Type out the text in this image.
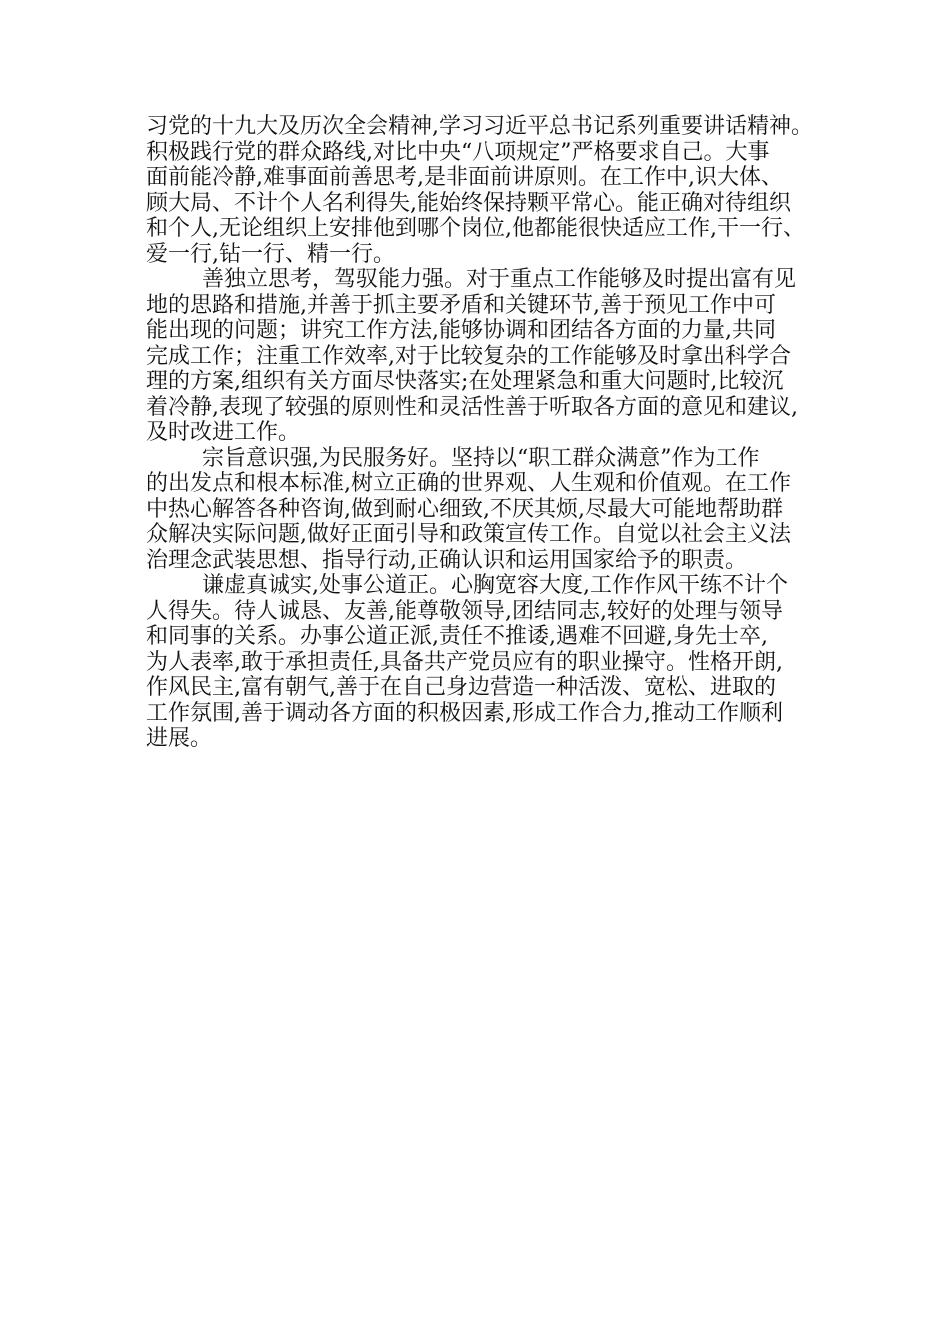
习党的十九大及历次全会精神,学习习近平总书记系列重要讲话精神。
积极践行党的群众路线,对比中央“八项规定”严格要求自己。大事
面前能冷静,难事面前善思考,是非面前讲原则。在工作中,识大体、
顾大局、不计个人名利得失,能始终保持颗平常心。能正确对待组织
和个人,无论组织上安排他到哪个岗位,他都能很快适应工作,干一行、
爱一行,钻一行、精一行。
善独立思考，驾驭能力强。对于重点工作能够及时提出富有见
地的思路和措施,并善于抓主要矛盾和关键环节,善于预见工作中可
能出现的问题；讲究工作方法,能够协调和团结各方面的力量,共同
完成工作；注重工作效率,对于比较复杂的工作能够及时拿出科学合
理的方案,组织有关方面尽快落实;在处理紧急和重大问题时,比较沉
着冷静,表现了较强的原则性和灵活性善于听取各方面的意见和建议,
及时改进工作。
宗旨意识强,为民服务好。坚持以“职工群众满意”作为工作
的出发点和根本标准,树立正确的世界观、人生观和价值观。在工作
中热心解答各种咨询,做到耐心细致,不厌其烦,尽最大可能地帮助群
众解决实际问题,做好正面引导和政策宣传工作。自觉以社会主义法
治理念武装思想、指导行动,正确认识和运用国家给予的职责。
谦虚真诚实,处事公道正。心胸宽容大度,工作作风干练不计个
人得失。待人诚恳、友善,能尊敬领导,团结同志,较好的处理与领导
和同事的关系。办事公道正派,责任不推诿,遇难不回避,身先士卒,
为人表率,敢于承担责任,具备共产党员应有的职业操守。性格开朗,
作风民主,富有朝气,善于在自己身边营造一种活泼、宽松、进取的
工作氛围,善于调动各方面的积极因素,形成工作合力,推动工作顺利
进展。
